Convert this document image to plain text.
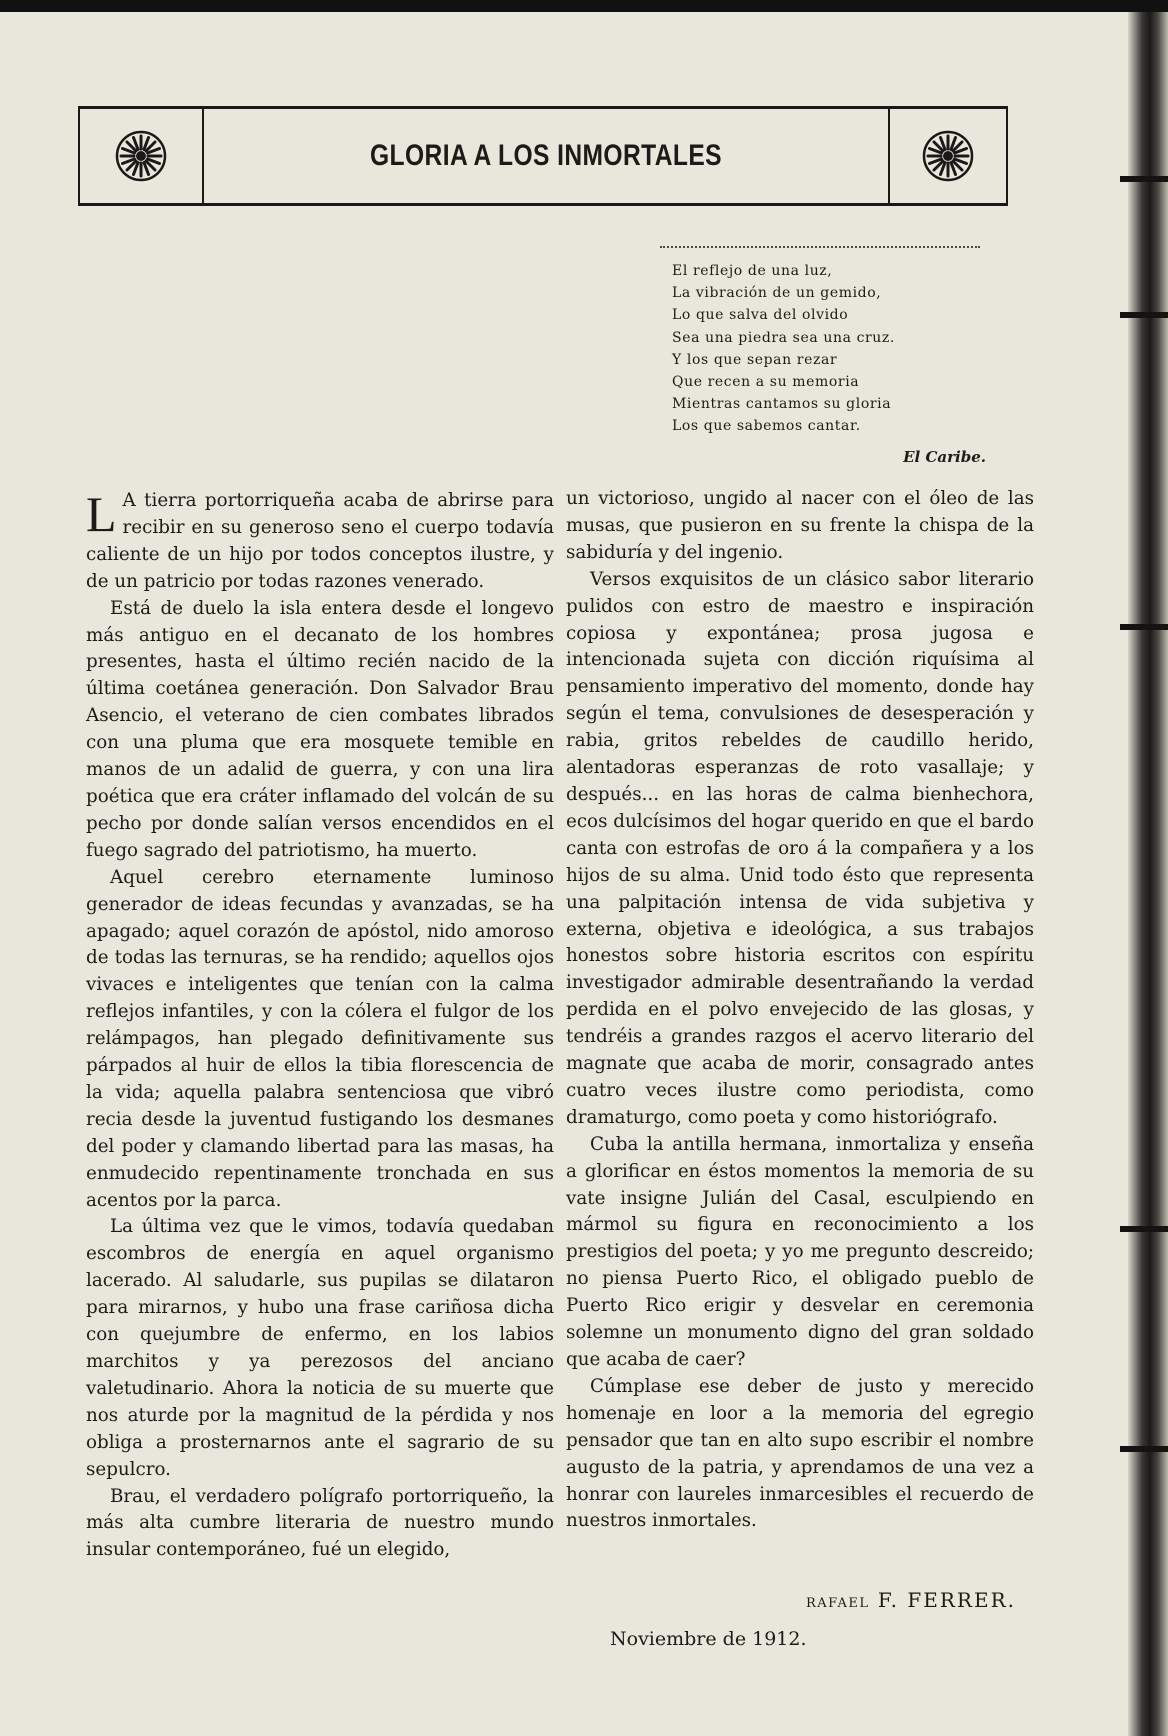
GLORIA A LOS INMORTALES
El reflejo de una luz,
La vibración de un gemido,
Lo que salva del olvido
Sea una piedra sea una cruz.
Y los que sepan rezar
Que recen a su memoria
Mientras cantamos su gloria
Los que sabemos cantar.
El Caribe.

L A tierra portorriqueña acaba de abrirse para recibir en su generoso seno el cuerpo todavía caliente de un hijo por todos conceptos ilustre, y de un patricio por todas razones venerado.

Está de duelo la isla entera desde el longevo más antiguo en el decanato de los hombres presentes, hasta el último recién nacido de la última coetánea generación. Don Salvador Brau Asencio, el veterano de cien combates librados con una pluma que era mosquete temible en manos de un adalid de guerra, y con una lira poética que era cráter inflamado del volcán de su pecho por donde salían versos encendidos en el fuego sagrado del patriotismo, ha muerto.

Aquel cerebro eternamente luminoso generador de ideas fecundas y avanzadas, se ha apagado; aquel corazón de apóstol, nido amoroso de todas las ternuras, se ha rendido; aquellos ojos vivaces e inteligentes que tenían con la calma reflejos infantiles, y con la cólera el fulgor de los relámpagos, han plegado definitivamente sus párpados al huir de ellos la tibia florescencia de la vida; aquella palabra sentenciosa que vibró recia desde la juventud fustigando los desmanes del poder y clamando libertad para las masas, ha enmudecido repentinamente tronchada en sus acentos por la parca.

La última vez que le vimos, todavía quedaban escombros de energía en aquel organismo lacerado. Al saludarle, sus pupilas se dilataron para mirarnos, y hubo una frase cariñosa dicha con quejumbre de enfermo, en los labios marchitos y ya perezosos del anciano valetudinario. Ahora la noticia de su muerte que nos aturde por la magnitud de la pérdida y nos obliga a prosternarnos ante el sagrario de su sepulcro.

Brau, el verdadero polígrafo portorriqueño, la más alta cumbre literaria de nuestro mundo insular contemporáneo, fué un elegido,

un victorioso, ungido al nacer con el óleo de las musas, que pusieron en su frente la chispa de la sabiduría y del ingenio.

Versos exquisitos de un clásico sabor literario pulidos con estro de maestro e inspiración copiosa y expontánea; prosa jugosa e intencionada sujeta con dicción riquísima al pensamiento imperativo del momento, donde hay según el tema, convulsiones de desesperación y rabia, gritos rebeldes de caudillo herido, alentadoras esperanzas de roto vasallaje; y después... en las horas de calma bienhechora, ecos dulcísimos del hogar querido en que el bardo canta con estrofas de oro á la compañera y a los hijos de su alma. Unid todo ésto que representa una palpitación intensa de vida subjetiva y externa, objetiva e ideológica, a sus trabajos honestos sobre historia escritos con espíritu investigador admirable desentrañando la verdad perdida en el polvo envejecido de las glosas, y tendréis a grandes razgos el acervo literario del magnate que acaba de morir, consagrado antes cuatro veces ilustre como periodista, como dramaturgo, como poeta y como historiógrafo.

Cuba la antilla hermana, inmortaliza y enseña a glorificar en éstos momentos la memoria de su vate insigne Julián del Casal, esculpiendo en mármol su figura en reconocimiento a los prestigios del poeta; y yo me pregunto descreido; no piensa Puerto Rico, el obligado pueblo de Puerto Rico erigir y desvelar en ceremonia solemne un monumento digno del gran soldado que acaba de caer?

Cúmplase ese deber de justo y merecido homenaje en loor a la memoria del egregio pensador que tan en alto supo escribir el nombre augusto de la patria, y aprendamos de una vez a honrar con laureles inmarcesibles el recuerdo de nuestros inmortales.

RAFAEL F. FERRER.
Noviembre de 1912.
